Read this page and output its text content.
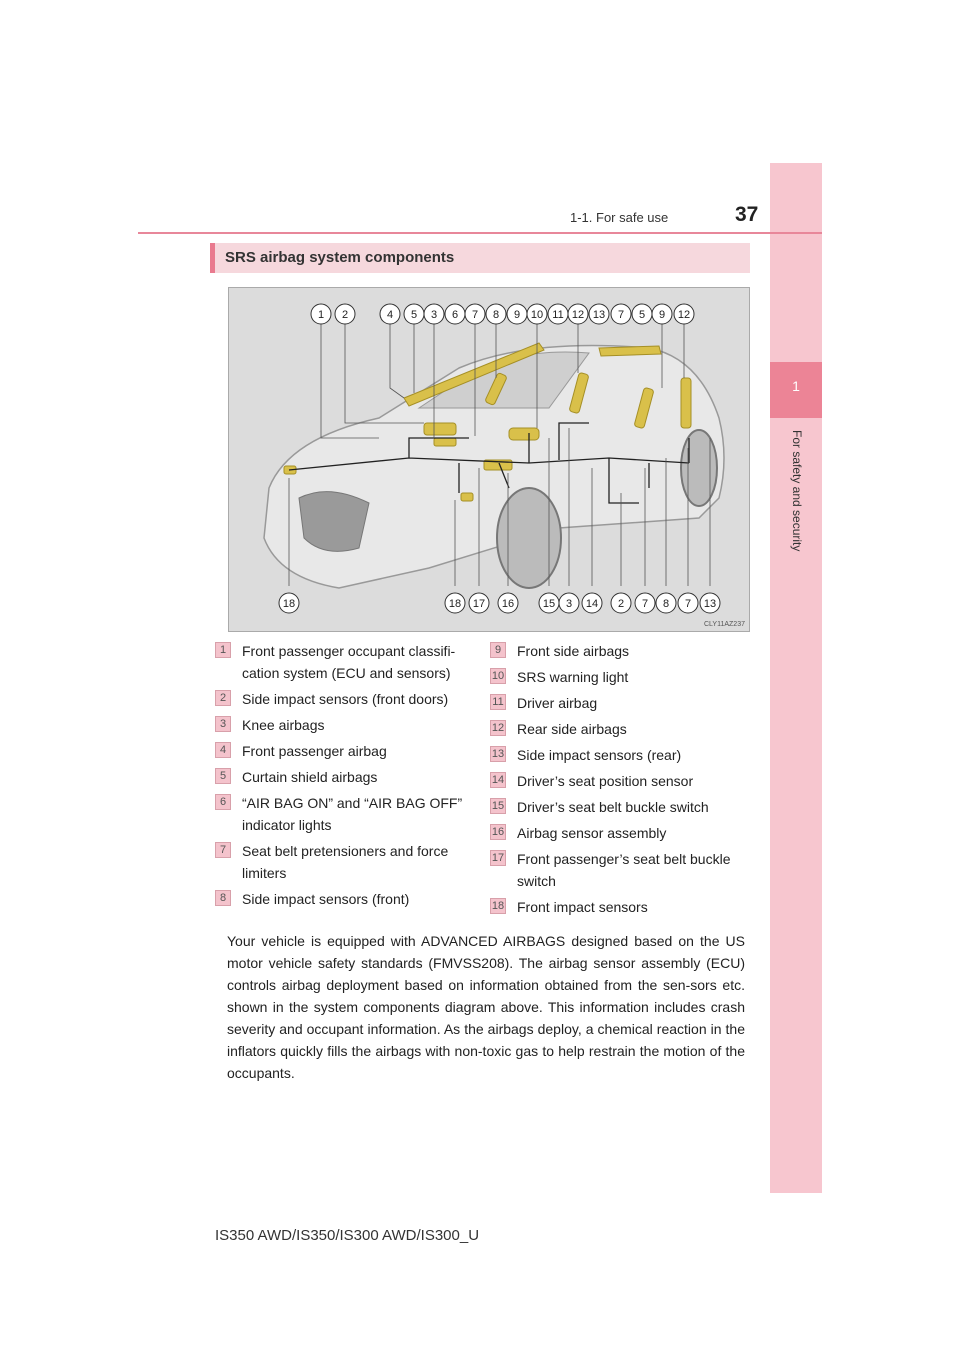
1
For safety and security
1-1. For safe use	37
SRS airbag system components
1 2	4 5 3 6 7 8 9 10 11 12 13 7 5 9 12
18	18 17 16	15 3 14 2 7 8 7 13
CLY11AZ237
1	Front passenger occupant classifi-cation system (ECU and sensors)
2	Side impact sensors (front doors)
3	Knee airbags
4	Front passenger airbag
5	Curtain shield airbags
6	“AIR BAG ON” and “AIR BAG OFF” indicator lights
7	Seat belt pretensioners and force limiters
8	Side impact sensors (front)
9	Front side airbags
10 SRS warning light
11 Driver airbag
12 Rear side airbags
13 Side impact sensors (rear)
14 Driver’s seat position sensor
15 Driver’s seat belt buckle switch
16 Airbag sensor assembly
17 Front passenger’s seat belt buckle switch
18 Front impact sensors
Your vehicle is equipped with ADVANCED AIRBAGS designed based on the US motor vehicle safety standards (FMVSS208). The airbag sensor assembly (ECU) controls airbag deployment based on information obtained from the sen-sors etc. shown in the system components diagram above. This information includes crash severity and occupant information. As the airbags deploy, a chemical reaction in the inflators quickly fills the airbags with non-toxic gas to help restrain the motion of the occupants.
IS350 AWD/IS350/IS300 AWD/IS300_U
